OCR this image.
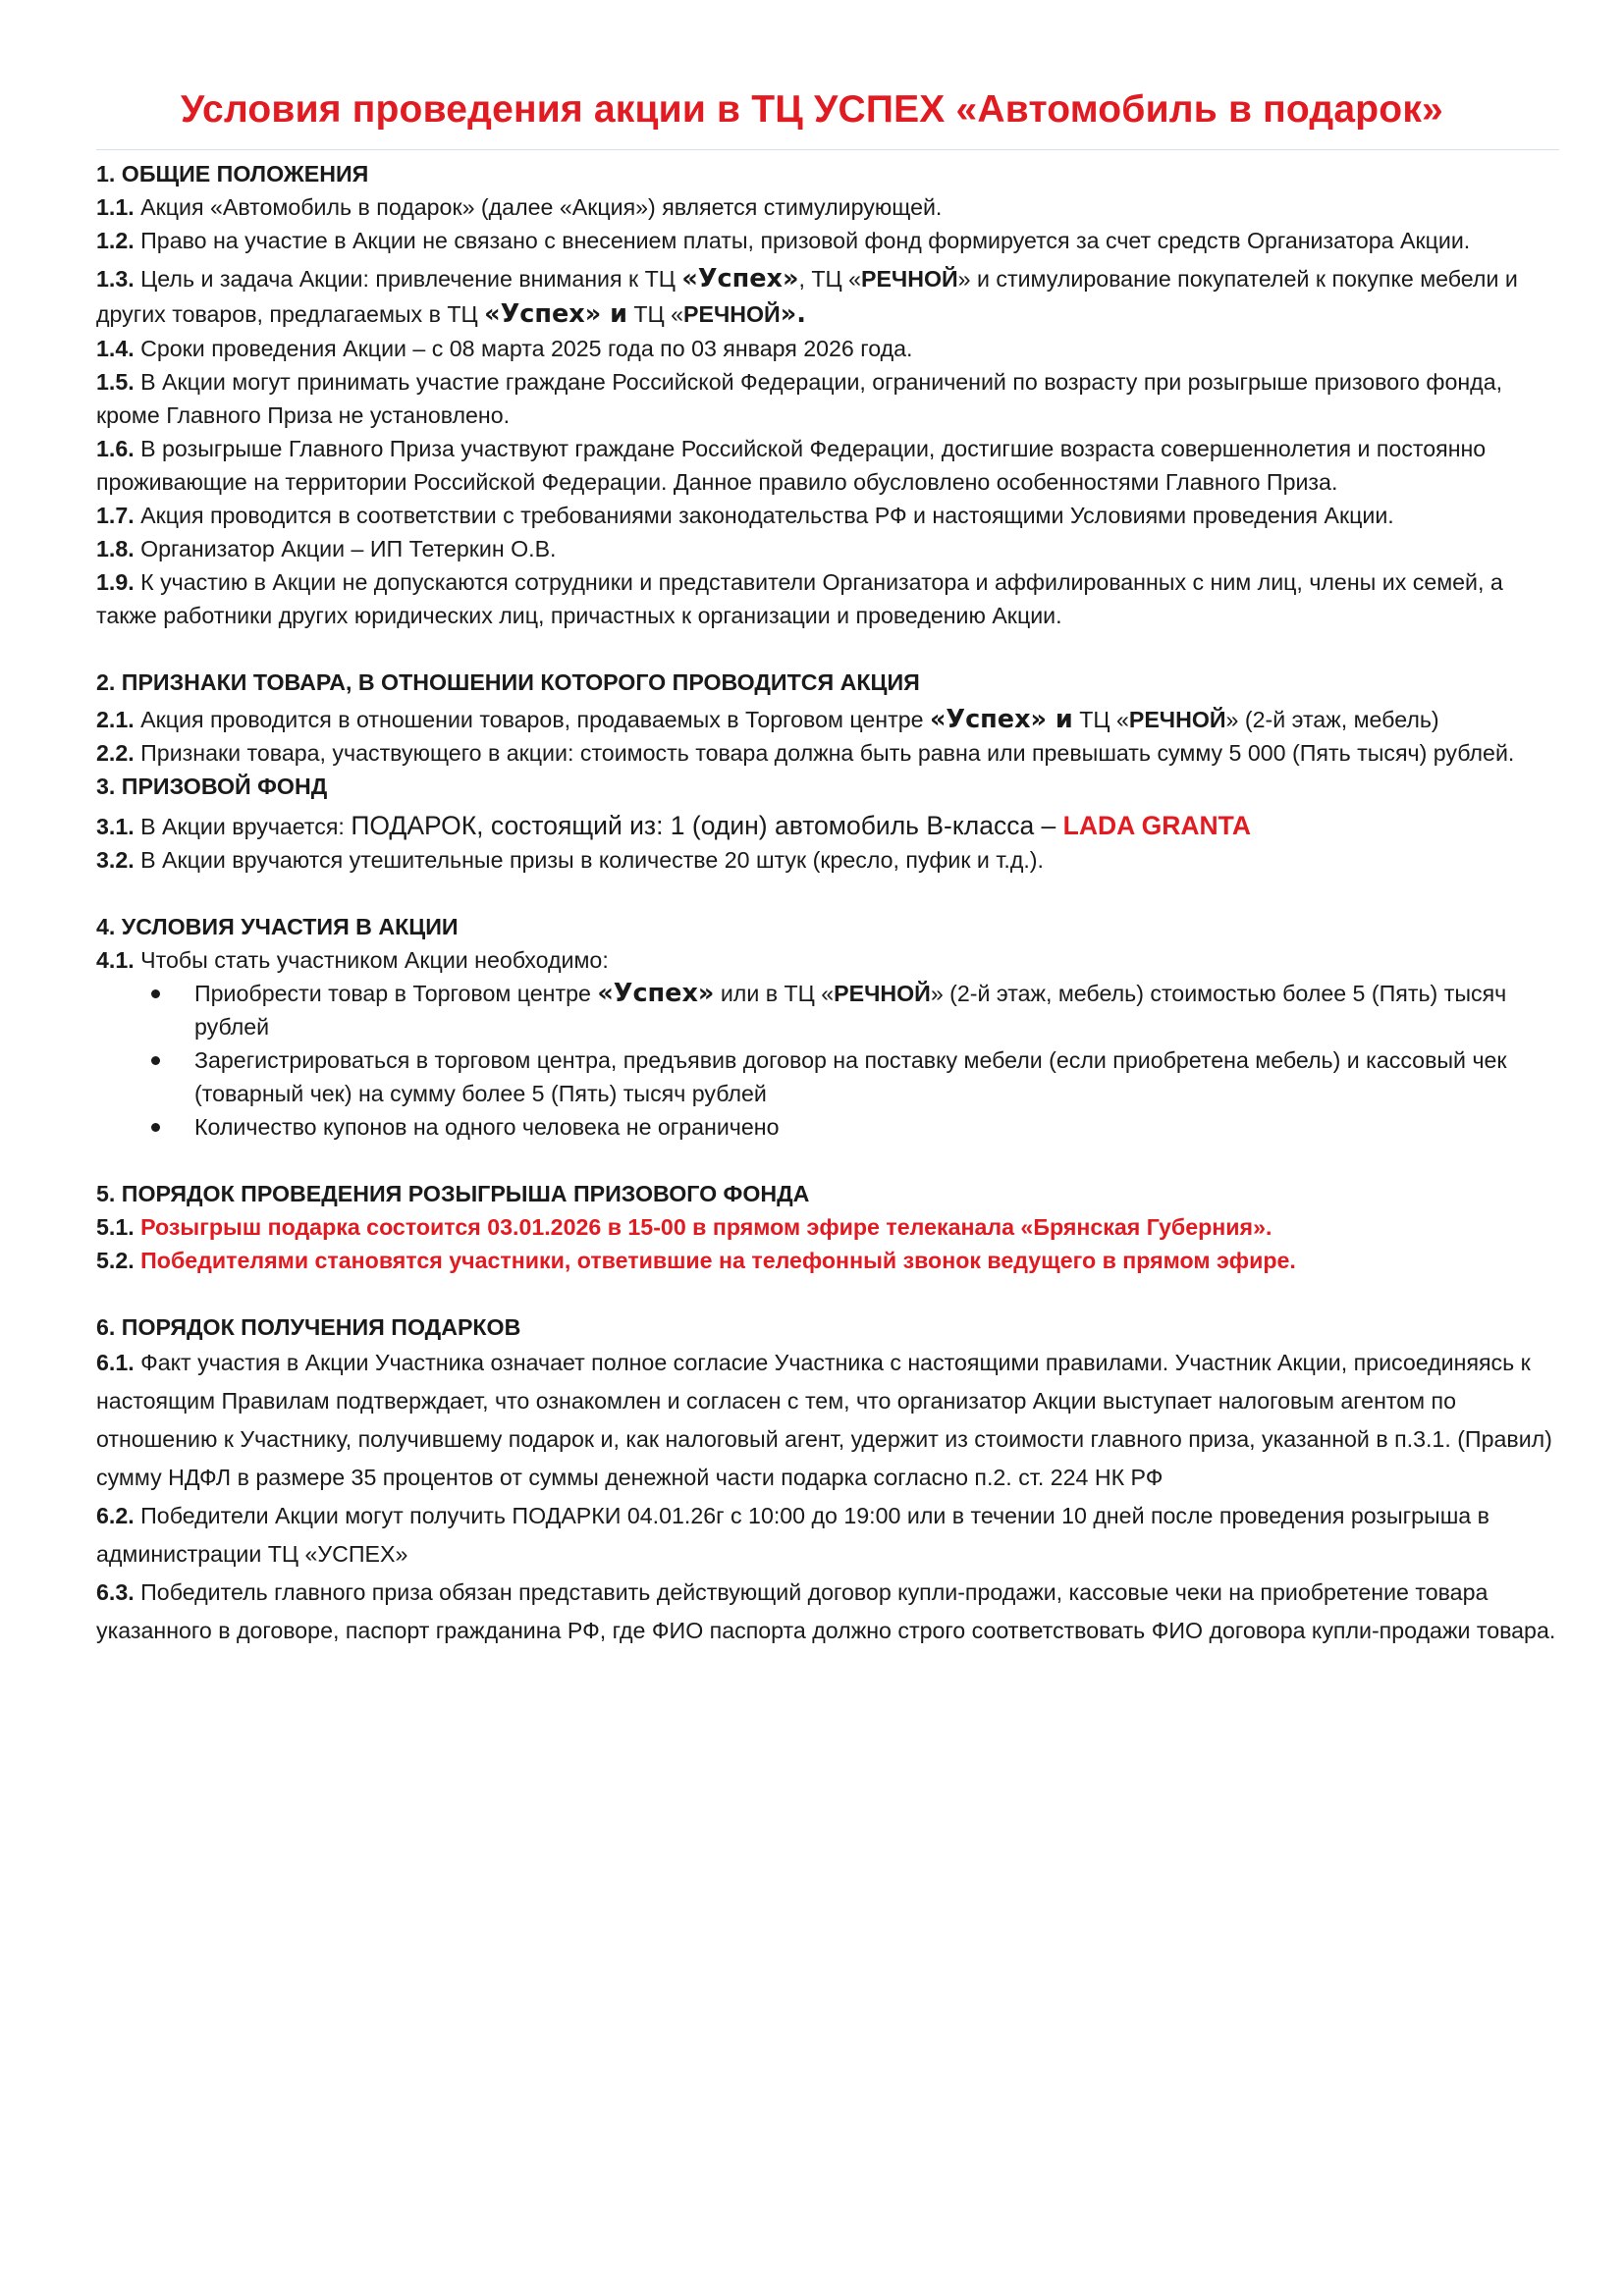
Условия проведения акции в ТЦ УСПЕХ «Автомобиль в подарок»

1. ОБЩИЕ ПОЛОЖЕНИЯ

1.1. Акция «Автомобиль в подарок» (далее «Акция») является стимулирующей.

1.2. Право на участие в Акции не связано с внесением платы, призовой фонд формируется за счет средств Организатора Акции.

1.3. Цель и задача Акции: привлечение внимания к ТЦ «Успех», ТЦ «РЕЧНОЙ» и стимулирование покупателей к покупке мебели и других товаров, предлагаемых в ТЦ «Успех» и ТЦ «РЕЧНОЙ».

1.4. Сроки проведения Акции – с 08 марта 2025 года по 03 января 2026 года.

1.5. В Акции могут принимать участие граждане Российской Федерации, ограничений по возрасту при розыгрыше призового фонда, кроме Главного Приза не установлено.

1.6. В розыгрыше Главного Приза участвуют граждане Российской Федерации, достигшие возраста совершеннолетия и постоянно проживающие на территории Российской Федерации. Данное правило обусловлено особенностями Главного Приза.

1.7. Акция проводится в соответствии с требованиями законодательства РФ и настоящими Условиями проведения Акции.

1.8. Организатор Акции – ИП Тетеркин О.В.

1.9. К участию в Акции не допускаются сотрудники и представители Организатора и аффилированных с ним лиц, члены их семей, а также работники других юридических лиц, причастных к организации и проведению Акции.

2. ПРИЗНАКИ ТОВАРА, В ОТНОШЕНИИ КОТОРОГО ПРОВОДИТСЯ АКЦИЯ

2.1. Акция проводится в отношении товаров, продаваемых в Торговом центре «Успех» и ТЦ «РЕЧНОЙ» (2-й этаж, мебель)

2.2. Признаки товара, участвующего в акции: стоимость товара должна быть равна или превышать сумму 5 000 (Пять тысяч) рублей.

3. ПРИЗОВОЙ ФОНД

3.1. В Акции вручается: ПОДАРОК, состоящий из: 1 (один) автомобиль B-класса – LADA GRANTA

3.2. В Акции вручаются утешительные призы в количестве 20 штук (кресло, пуфик и т.д.).

4. УСЛОВИЯ УЧАСТИЯ В АКЦИИ

4.1. Чтобы стать участником Акции необходимо:

Приобрести товар в Торговом центре «Успех» или в ТЦ «РЕЧНОЙ» (2-й этаж, мебель) стоимостью более 5 (Пять) тысяч рублей
Зарегистрироваться в торговом центра, предъявив договор на поставку мебели (если приобретена мебель) и кассовый чек (товарный чек) на сумму более 5 (Пять) тысяч рублей
Количество купонов на одного человека не ограничено

5. ПОРЯДОК ПРОВЕДЕНИЯ РОЗЫГРЫША ПРИЗОВОГО ФОНДА

5.1. Розыгрыш подарка состоится 03.01.2026 в 15-00 в прямом эфире телеканала «Брянская Губерния».

5.2. Победителями становятся участники, ответившие на телефонный звонок ведущего в прямом эфире.

6. ПОРЯДОК ПОЛУЧЕНИЯ ПОДАРКОВ

6.1. Факт участия в Акции Участника означает полное согласие Участника с настоящими правилами. Участник Акции, присоединяясь к настоящим Правилам подтверждает, что ознакомлен и согласен с тем, что организатор Акции выступает налоговым агентом по отношению к Участнику, получившему подарок и, как налоговый агент, удержит из стоимости главного приза, указанной в п.3.1. (Правил) сумму НДФЛ в размере 35 процентов от суммы денежной части подарка согласно п.2. ст. 224 НК РФ

6.2. Победители Акции могут получить ПОДАРКИ 04.01.26г с 10:00 до 19:00 или в течении 10 дней после проведения розыгрыша в администрации ТЦ «УСПЕХ»

6.3. Победитель главного приза обязан представить действующий договор купли-продажи, кассовые чеки на приобретение товара указанного в договоре, паспорт гражданина РФ, где ФИО паспорта должно строго соответствовать ФИО договора купли-продажи товара.
